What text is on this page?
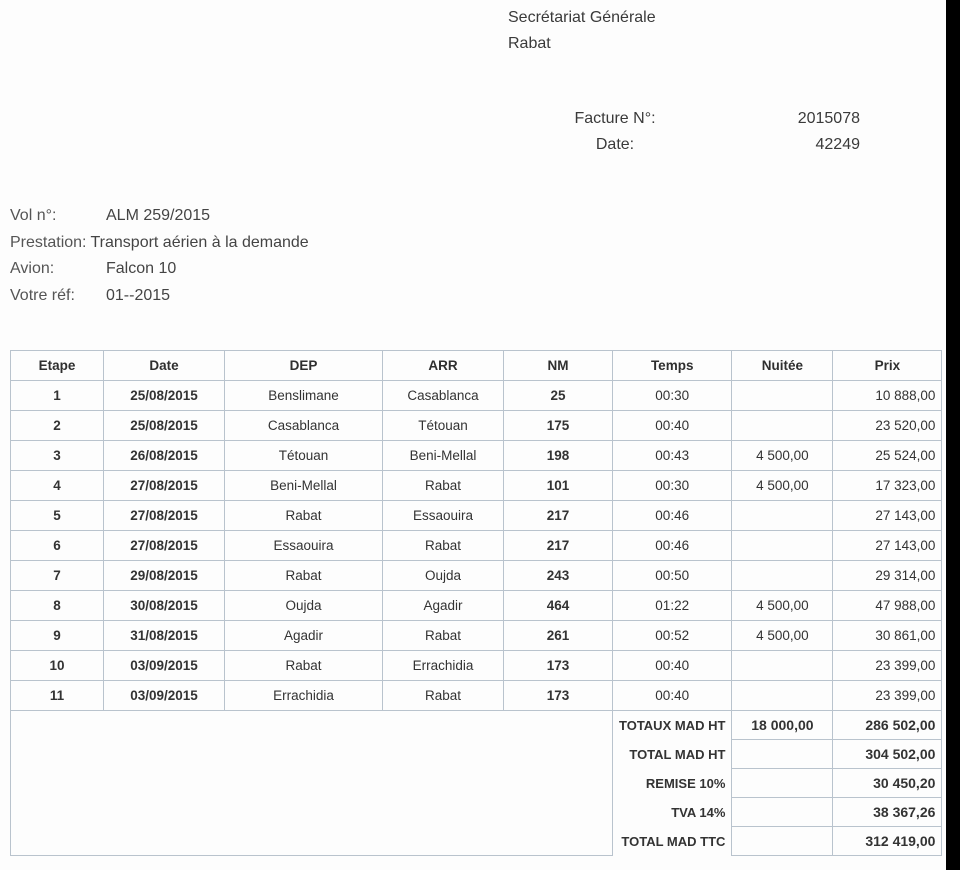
Secrétariat Générale
Rabat
Facture N°:	2015078
Date:	42249
Vol n°:	ALM 259/2015
Prestation: Transport aérien à la demande
Avion:	Falcon 10
Votre réf:	01--2015
Etape	Date	DEP	ARR	NM	Temps	Nuitée	Prix
1	25/08/2015	Benslimane	Casablanca	25	00:30		10 888,00
2	25/08/2015	Casablanca	Tétouan	175	00:40		23 520,00
3	26/08/2015	Tétouan	Beni-Mellal	198	00:43	4 500,00	25 524,00
4	27/08/2015	Beni-Mellal	Rabat	101	00:30	4 500,00	17 323,00
5	27/08/2015	Rabat	Essaouira	217	00:46		27 143,00
6	27/08/2015	Essaouira	Rabat	217	00:46		27 143,00
7	29/08/2015	Rabat	Oujda	243	00:50		29 314,00
8	30/08/2015	Oujda	Agadir	464	01:22	4 500,00	47 988,00
9	31/08/2015	Agadir	Rabat	261	00:52	4 500,00	30 861,00
10	03/09/2015	Rabat	Errachidia	173	00:40		23 399,00
11	03/09/2015	Errachidia	Rabat	173	00:40		23 399,00
					TOTAUX MAD HT	18 000,00	286 502,00
					TOTAL MAD HT		304 502,00
					REMISE 10%		30 450,20
					TVA 14%		38 367,26
					TOTAL MAD TTC		312 419,00
